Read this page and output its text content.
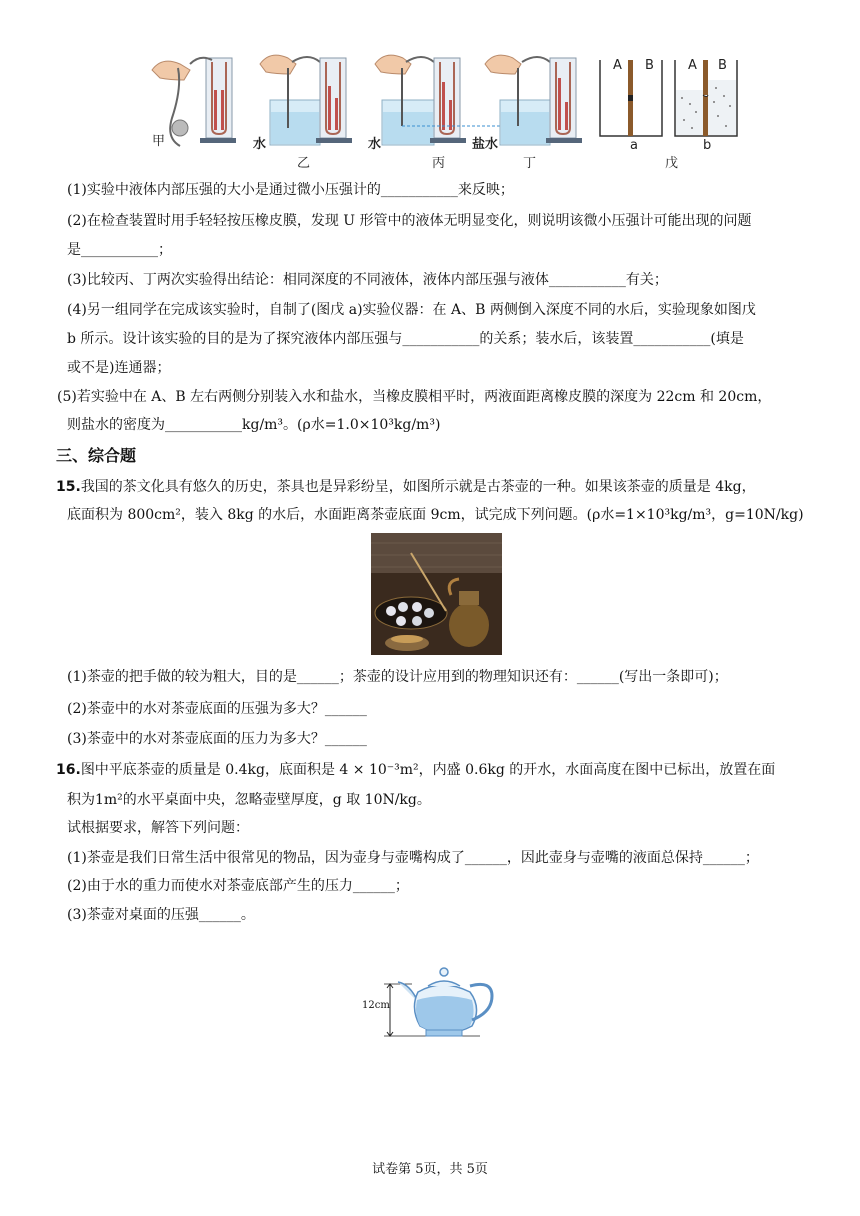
甲	水
乙
水
丙
盐水
丁
A B
a
A B
b
戊
(1)实验中液体内部压强的大小是通过微小压强计的___________来反映；
(2)在检查装置时用手轻轻按压橡皮膜，发现 U 形管中的液体无明显变化，则说明该微小压强计可能出现的问题
是___________；
(3)比较丙、丁两次实验得出结论：相同深度的不同液体，液体内部压强与液体___________有关；
(4)另一组同学在完成该实验时，自制了(图戊 a)实验仪器：在 A、B 两侧倒入深度不同的水后，实验现象如图戊
b 所示。设计该实验的目的是为了探究液体内部压强与___________的关系；装水后，该装置___________(填是
或不是)连通器；
(5)若实验中在 A、B 左右两侧分别装入水和盐水，当橡皮膜相平时，两液面距离橡皮膜的深度为 22cm 和 20cm，
则盐水的密度为___________kg/m³。(ρ水=1.0×10³kg/m³)
三、综合题
15.我国的茶文化具有悠久的历史，茶具也是异彩纷呈，如图所示就是古茶壶的一种。如果该茶壶的质量是 4kg，
底面积为 800cm²，装入 8kg 的水后，水面距离茶壶底面 9cm，试完成下列问题。(ρ水=1×10³kg/m³，g=10N/kg)
(1)茶壶的把手做的较为粗大，目的是______；茶壶的设计应用到的物理知识还有：______(写出一条即可)；
(2)茶壶中的水对茶壶底面的压强为多大？______
(3)茶壶中的水对茶壶底面的压力为多大？______
16.图中平底茶壶的质量是 0.4kg，底面积是 4 × 10⁻³m²，内盛 0.6kg 的开水，水面高度在图中已标出，放置在面
积为1m²的水平桌面中央，忽略壶壁厚度，g 取 10N/kg。
试根据要求，解答下列问题：
(1)茶壶是我们日常生活中很常见的物品，因为壶身与壶嘴构成了______，因此壶身与壶嘴的液面总保持______；
(2)由于水的重力而使水对茶壶底部产生的压力______；
(3)茶壶对桌面的压强______。
12cm
试卷第 5页，共 5页
